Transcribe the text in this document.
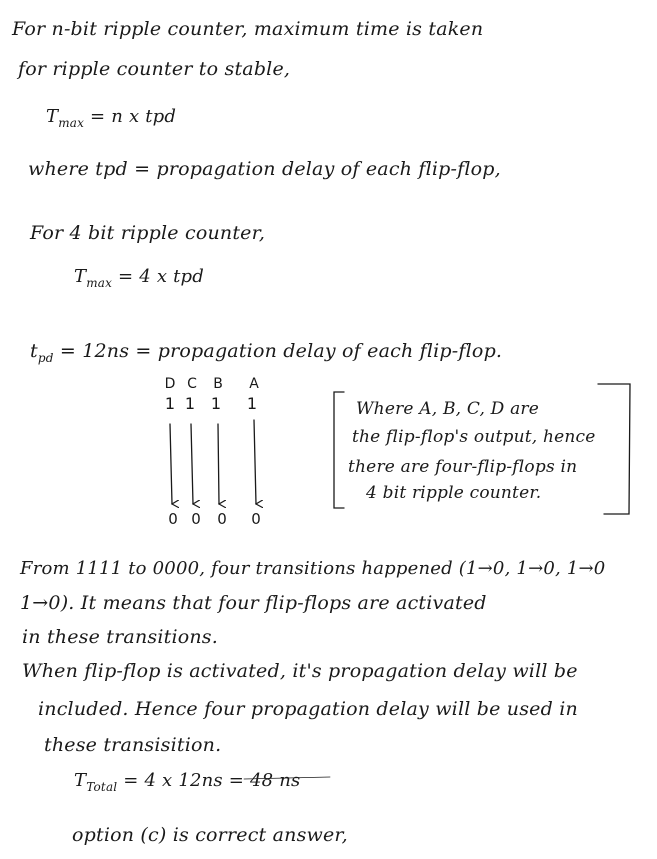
For n-bit ripple counter, maximum time is taken
for ripple counter to stable,
$T_{max} = n$ x tpd
where tpd = propagation delay of each flip-flop,
For 4 bit ripple counter,
$T_{max} = 4$ x tpd
$t_{pd} = 12ns$ = propagation delay of each flip-flop.
D C	B	A
1 1 1	1
0 0	0	0
Where A, B, C, D are
the flip-flop's output, hence
there are four-flip-flops in
4 bit ripple counter.
From 1111 to 0000, four transitions happened (1→0, 1→0, 1→0
1→0). It means that four flip-flops are activated
in these transitions.
When flip-flop is activated, it's propagation delay will be
included. Hence four propagation delay will be used in
these transisition.
$T_{Total} = 4$ x 12ns = 48 ns
option (c) is correct answer,
